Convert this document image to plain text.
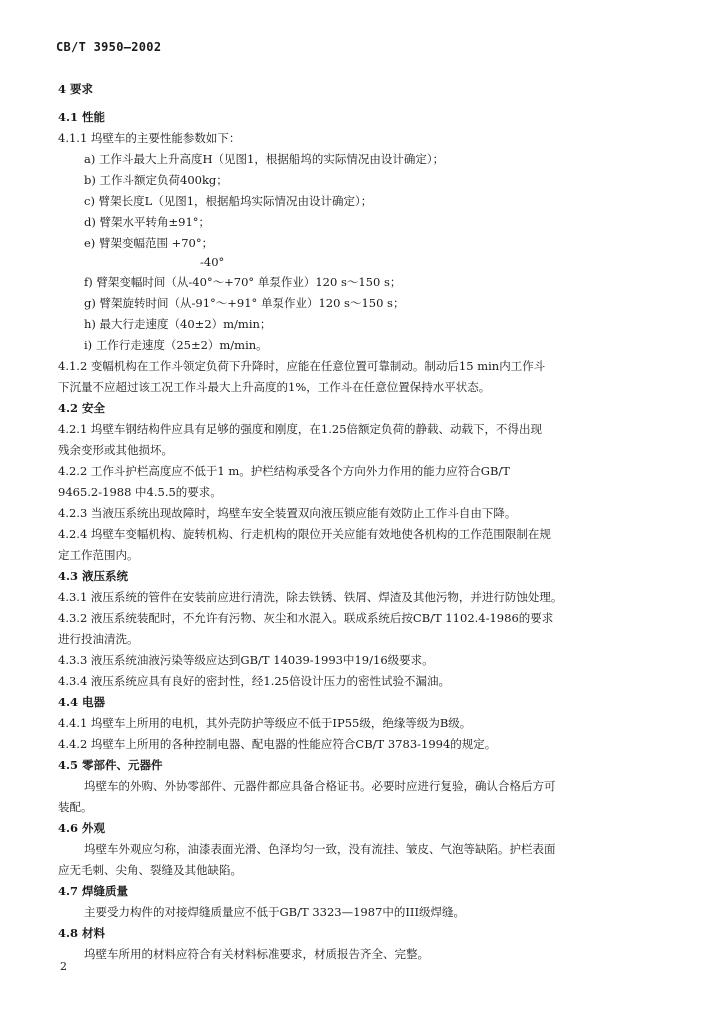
CB/T 3950—2002
4 要求
4.1 性能
4.1.1 坞壁车的主要性能参数如下：
a) 工作斗最大上升高度H（见图1，根据船坞的实际情况由设计确定）；
b) 工作斗额定负荷400kg；
c) 臂架长度L（见图1，根据船坞实际情况由设计确定）；
d) 臂架水平转角±91°；
e) 臂架变幅范围 +70°；
-40°
f) 臂架变幅时间（从-40°～+70° 单泵作业）120 s～150 s；
g) 臂架旋转时间（从-91°～+91° 单泵作业）120 s～150 s；
h) 最大行走速度（40±2）m/min；
i) 工作行走速度（25±2）m/min。
4.1.2 变幅机构在工作斗领定负荷下升降时，应能在任意位置可靠制动。制动后15 min内工作斗
下沉量不应超过该工况工作斗最大上升高度的1%，工作斗在任意位置保持水平状态。
4.2 安全
4.2.1 坞壁车钢结构件应具有足够的强度和刚度，在1.25倍额定负荷的静载、动载下，不得出现
残余变形或其他损坏。
4.2.2 工作斗护栏高度应不低于1 m。护栏结构承受各个方向外力作用的能力应符合GB/T
9465.2-1988 中4.5.5的要求。
4.2.3 当液压系统出现故障时，坞壁车安全装置双向液压锁应能有效防止工作斗自由下降。
4.2.4 坞壁车变幅机构、旋转机构、行走机构的限位开关应能有效地使各机构的工作范围限制在规
定工作范围内。
4.3 液压系统
4.3.1 液压系统的管件在安装前应进行清洗，除去铁锈、铁屑、焊渣及其他污物，并进行防蚀处理。
4.3.2 液压系统装配时，不允许有污物、灰尘和水混入。联成系统后按CB/T 1102.4-1986的要求
进行投油清洗。
4.3.3 液压系统油液污染等级应达到GB/T 14039-1993中19/16级要求。
4.3.4 液压系统应具有良好的密封性，经1.25倍设计压力的密性试验不漏油。
4.4 电器
4.4.1 坞壁车上所用的电机，其外壳防护等级应不低于IP55级，绝缘等级为B级。
4.4.2 坞壁车上所用的各种控制电器、配电器的性能应符合CB/T 3783-1994的规定。
4.5 零部件、元器件
坞壁车的外购、外协零部件、元器件都应具备合格证书。必要时应进行复验，确认合格后方可
装配。
4.6 外观
坞壁车外观应匀称，油漆表面光滑、色泽均匀一致，没有流挂、皱皮、气泡等缺陷。护栏表面
应无毛刺、尖角、裂缝及其他缺陷。
4.7 焊缝质量
主要受力构件的对接焊缝质量应不低于GB/T 3323—1987中的III级焊缝。
4.8 材料
坞壁车所用的材料应符合有关材料标准要求，材质报告齐全、完整。
2
